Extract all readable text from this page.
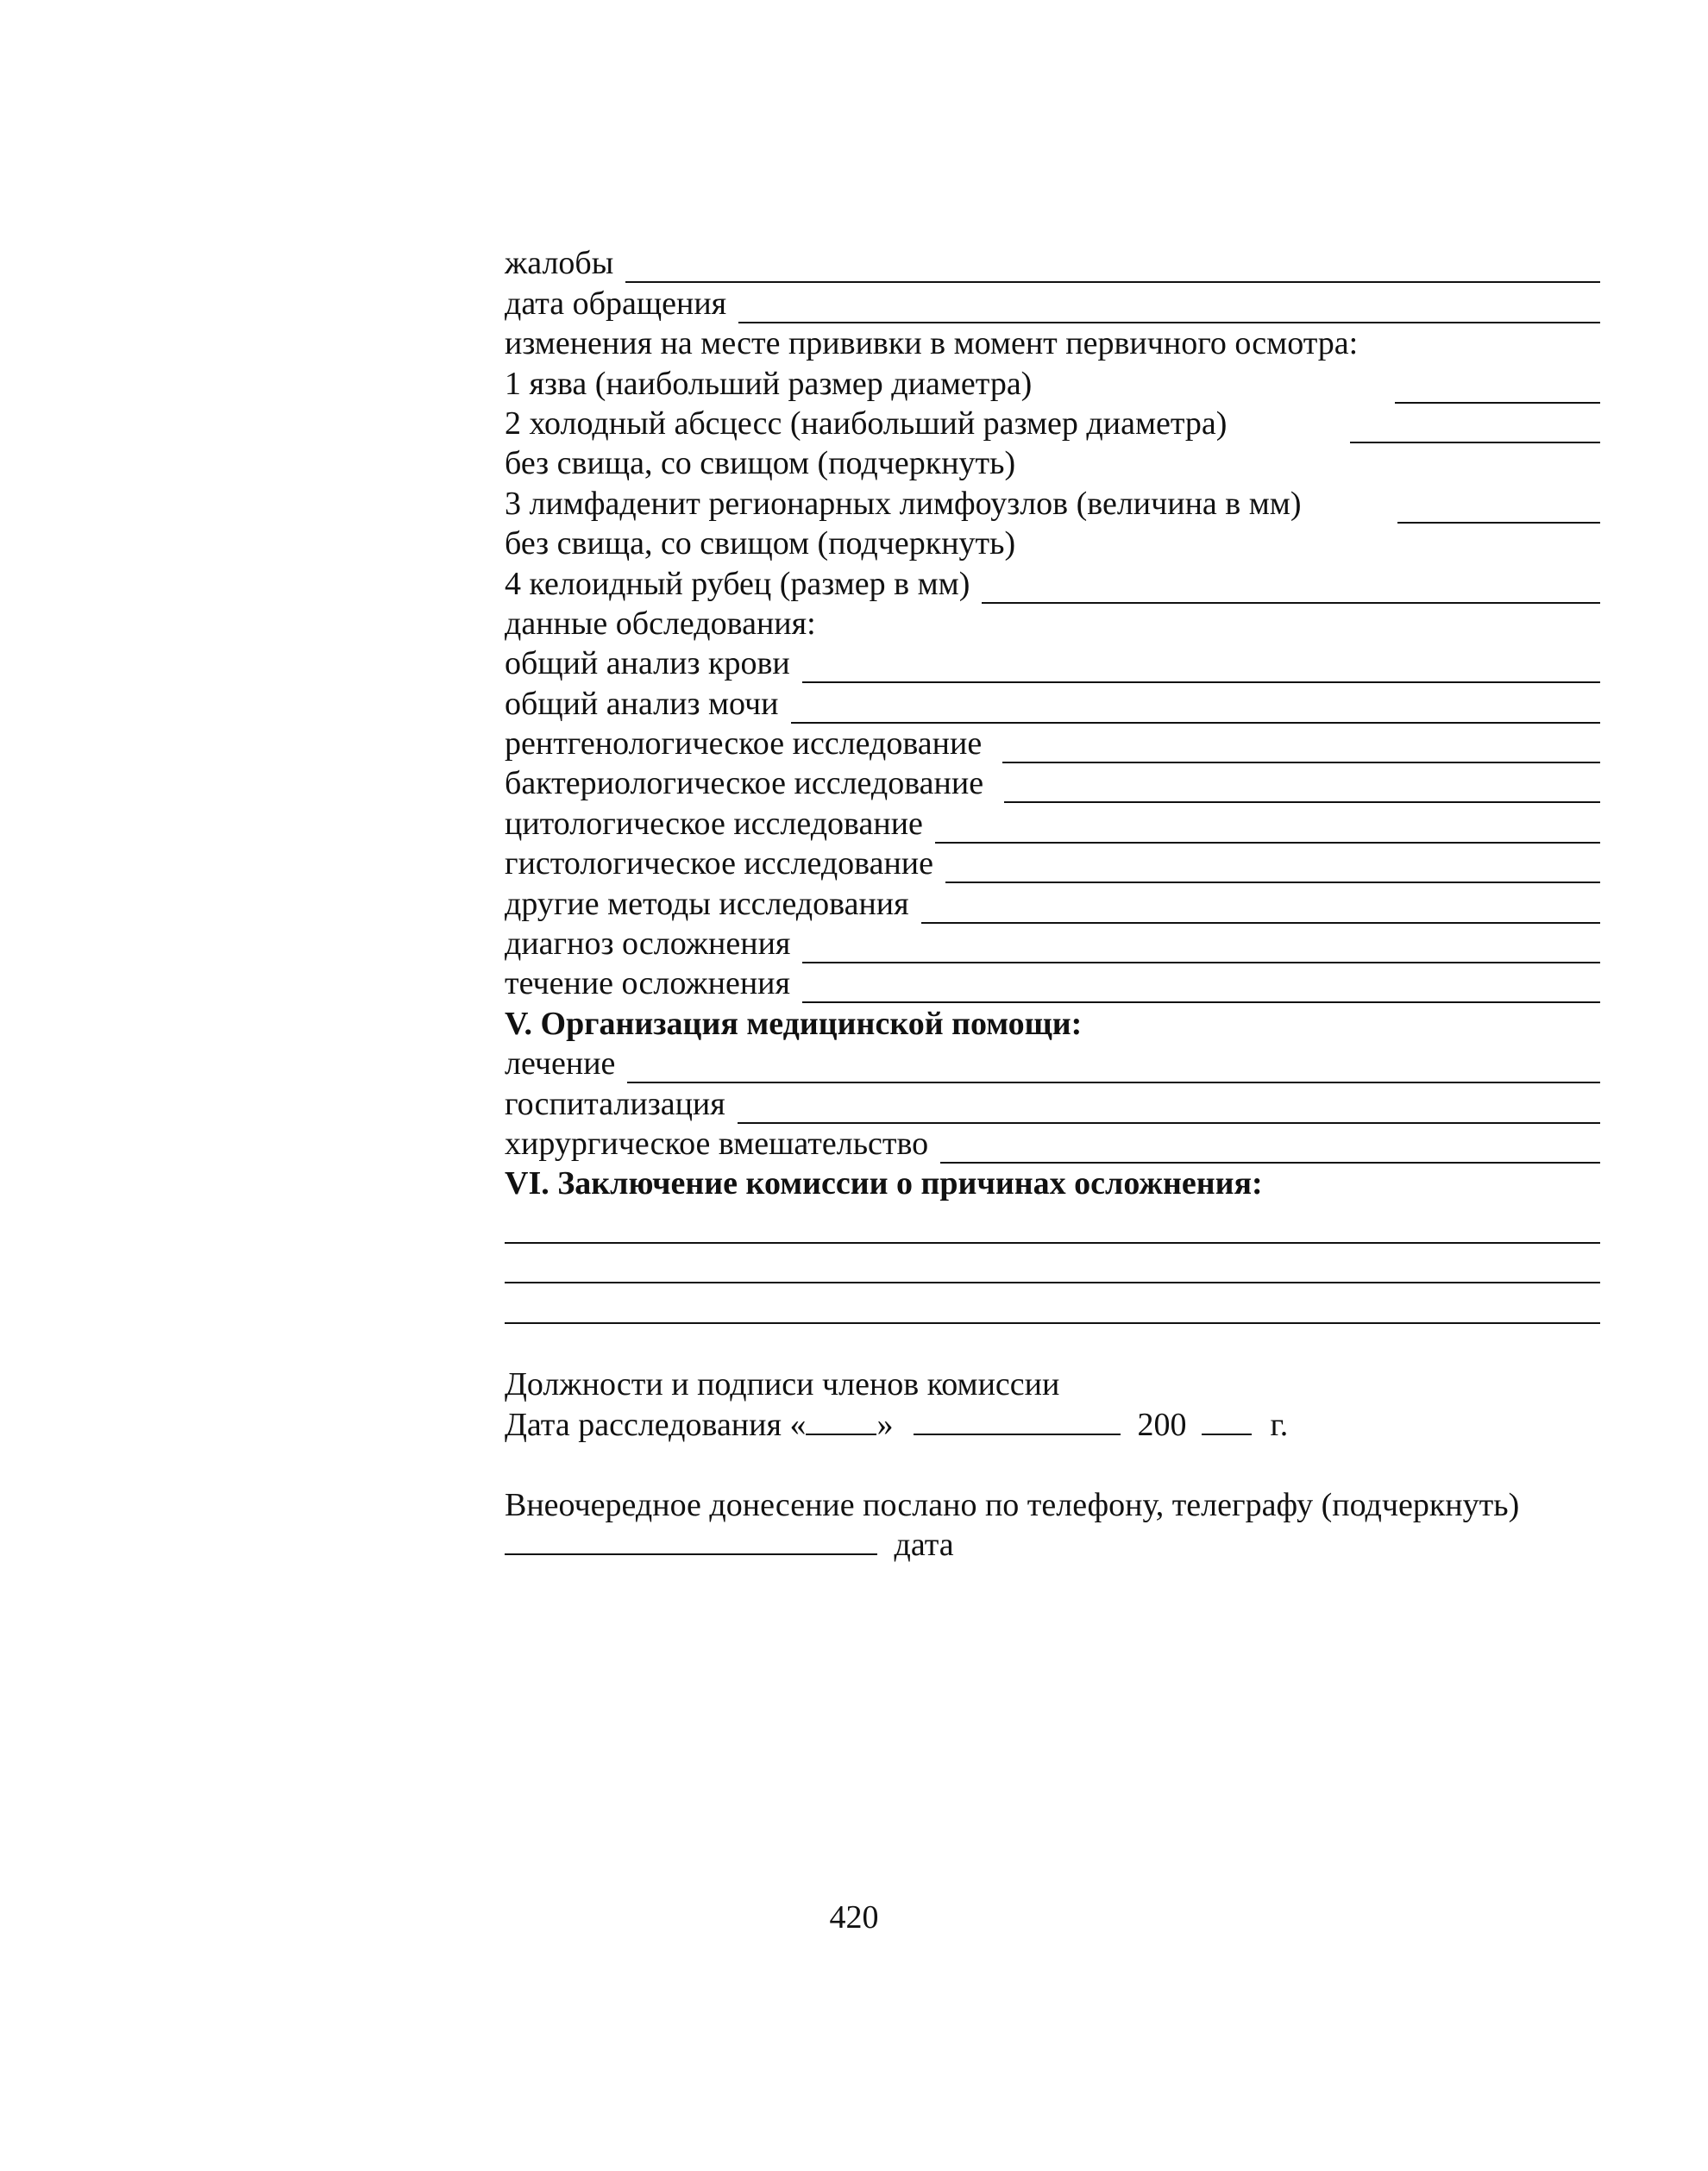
жалобы
дата обращения
изменения на месте прививки в момент первичного осмотра:
1 язва (наибольший размер диаметра)
2 холодный абсцесс (наибольший размер диаметра)
без свища, со свищом (подчеркнуть)
3 лимфаденит регионарных лимфоузлов (величина в мм)
без свища, со свищом (подчеркнуть)
4 келоидный рубец (размер в мм)
данные обследования:
общий анализ крови
общий анализ мочи
рентгенологическое исследование
бактериологическое исследование
цитологическое исследование
гистологическое исследование
другие методы исследования
диагноз осложнения
течение осложнения
V. Организация медицинской помощи:
лечение
госпитализация
хирургическое вмешательство
VI. Заключение комиссии о причинах осложнения:
Должности и подписи членов комиссии
Дата расследования « »	200	г.
Внеочередное донесение послано по телефону, телеграфу (подчеркнуть)
дата
420
